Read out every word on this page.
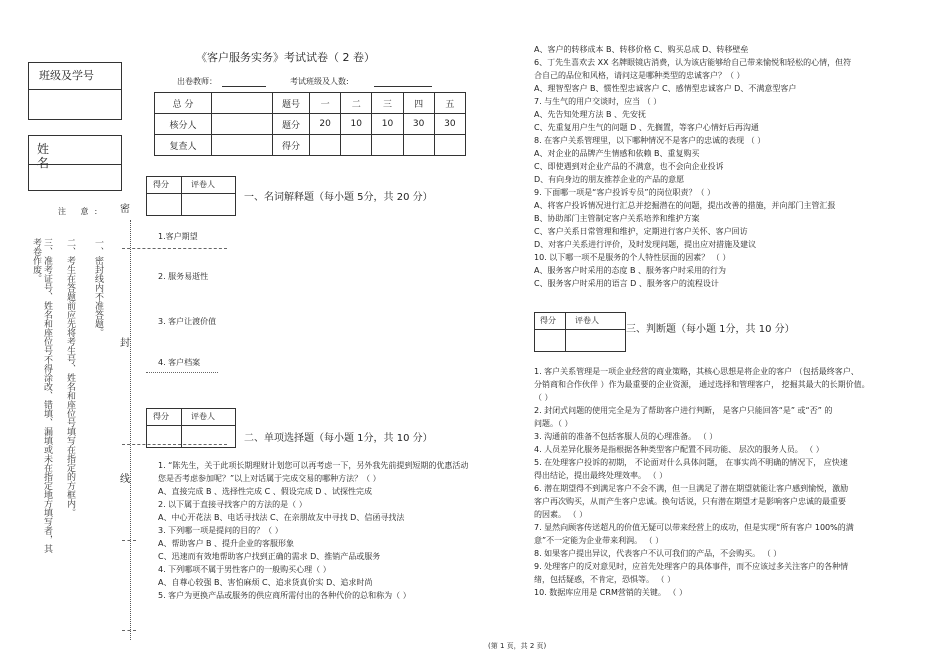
班级及学号
姓 名
注 意:
三、准考证号、姓名和座位号不得涂改、错填、漏填或未在指定地方填写者，其考卷作废。	二、考生在答题前应先将考生号、姓名和座位号填写在指定的方框内。 一、密封线内不准答题。
密
封
线
《客户服务实务》考试试卷（ 2 卷）
出卷教师：	考试班级及人数:
总 分		题号	一	二	三	四	五
核分人		题分	20	10	10	30	30
复查人		得分					
得分	评卷人
一、名词解释题（每小题 5分，共 20 分）
1.客户期望
2. 服务易逝性
3. 客户让渡价值
4. 客户档案
得分	评卷人
二、单项选择题（每小题 1分，共 10 分）
1. “陈先生，关于此项长期理财计划您可以再考虑一下，另外我先前提到短期的优惠活动
您是否考虑参加呢？”以上对话属于完成交易的哪种方法？（ ）
A、直接完成 B 、选择性完成 C 、假设完成 D 、试探性完成
2. 以下属于直接寻找客户的方法的是（ ）
A、中心开花法 B、电话寻找法 C、在亲朋故友中寻找 D、信函寻找法
3. 下列哪一项是提问的目的？（ ）
A、帮助客户 B 、提升企业的客服形象
C、迅速而有效地帮助客户找到正确的需求 D、推销产品或服务
4. 下列哪项不属于男性客户的一般购买心理（ ）
A、自尊心较强 B、害怕麻烦 C、追求货真价实 D、追求时尚
5. 客户为更换产品或服务的供应商所需付出的各种代价的总和称为（ ）
A、客户的转移成本 B、转移价格 C、购买总成 D、转移壁垒
6、丁先生喜欢去 XX 名牌眼镜店消费，认为该店能够给自己带来愉悦和轻松的心情，但符
合自己的品位和风格，请问这是哪种类型的忠诚客户？（ ）
A、理智型客户 B、惯性型忠诚客户 C、感情型忠诚客户 D、不满意型客户
7. 与生气的用户交谈时，应当 （ ）
A、先告知处理方法 B 、先安抚
C、先重复用户生气的问题 D 、先搁置，等客户心情好后再沟通
8. 在客户关系管理里，以下哪种情况不是客户的忠诚的表现 （ ）
A、对企业的品牌产生情感和依赖 B、重复购买
C、即使遇到对企业产品的不满意，也不会向企业投诉
D、有向身边的朋友推荐企业的产品的意愿
9. 下面哪一项是“客户投诉专员”的岗位职责？（ ）
A、将客户投诉情况进行汇总并挖掘潜在的问题，提出改善的措施，并向部门主管汇报
B、协助部门主管制定客户关系培养和维护方案
C、客户关系日常管理和维护，定期进行客户关怀、客户回访
D、对客户关系进行评价，及时发现问题，提出应对措施及建议
10. 以下哪一项不是服务的个人特性层面的因素？ （ ）
A、服务客户时采用的态度 B 、服务客户时采用的行为
C、服务客户时采用的语言 D 、服务客户的流程设计
得分 评卷人
三、判断题（每小题 1分，共 10 分）
1. 客户关系管理是一项企业经营的商业策略，其核心思想是将企业的客户 （包括最终客户、
分销商和合作伙伴 ）作为最重要的企业资源， 通过选择和管理客户， 挖掘其最大的长期价值。
（ ）
2. 封闭式问题的使用完全是为了帮助客户进行判断， 是客户只能回答“是” 或“否” 的
问题。（ ）
3. 沟通前的准备不包括客服人员的心理准备。 （ ）
4. 人员差异化服务是指根据各种类型客户配置不同功能、 层次的服务人员。 （ ）
5. 在处理客户投诉的初期， 不论面对什么具体问题， 在事实尚不明确的情况下， 应快速
得出结论，提出最终处理效率。 （ ）
6. 潜在期望得不到满足客户不会不满，但一旦满足了潜在期望就能让客户感到愉悦，激励
客户再次购买，从而产生客户忠诚。换句话说，只有潜在期望才是影响客户忠诚的最重要
的因素。 （ ）
7. 显然向顾客传送超凡的价值无疑可以带来经营上的成功，但是实现“所有客户 100%的满
意”不一定能为企业带来利润。 （ ）
8. 如果客户提出异议，代表客户不认可我们的产品，不会购买。 （ ）
9. 处理客户的反对意见时，应首先处理客户的具体事件，而不应该过多关注客户的各种情
绪，包括疑惑，不肯定，恐惧等。 （ ）
10. 数据库应用是 CRM营销的关键。 （ ）
(第 1 页，共 2 页)
